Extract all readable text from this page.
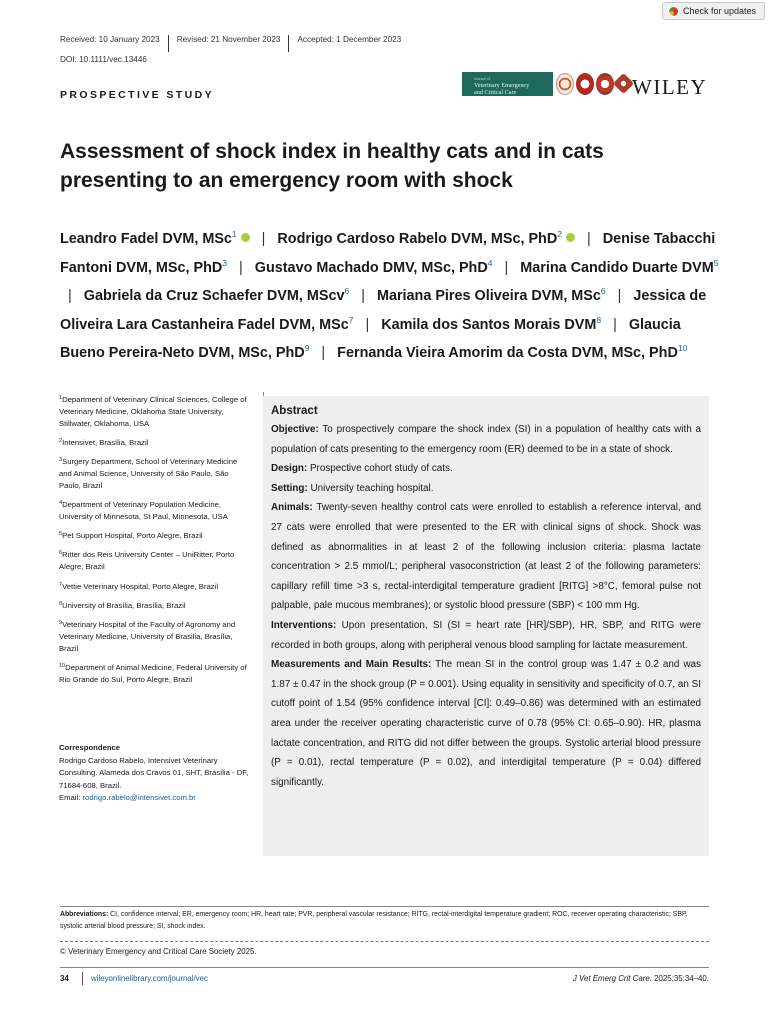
Check for updates
Received: 10 January 2023	Revised: 21 November 2023	Accepted: 1 December 2023
DOI: 10.1111/vec.13446
PROSPECTIVE STUDY
Journal of
Veterinary Emergency
and Critical Care	WILEY
Assessment of shock index in healthy cats and in cats presenting to an emergency room with shock
Leandro Fadel DVM, MSc$^1$ | Rodrigo Cardoso Rabelo DVM, MSc, PhD$^2$ | Denise Tabacchi Fantoni DVM, MSc, PhD$^3$ | Gustavo Machado DMV, MSc, PhD$^4$ | Marina Candido Duarte DVM$^5$ | Gabriela da Cruz Schaefer DVM, MScv$^6$ | Mariana Pires Oliveira DVM, MSc$^6$ | Jessica de Oliveira Lara Castanheira Fadel DVM, MSc$^7$ | Kamila dos Santos Morais DVM$^8$ | Glaucia Bueno Pereira-Neto DVM, MSc, PhD$^9$ | Fernanda Vieira Amorim da Costa DVM, MSc, PhD$^{10}$
$^1$Department of Veterinary Clinical Sciences, College of Veterinary Medicine, Oklahoma State University, Stillwater, Oklahoma, USA
$^2$Intensivet, Brasília, Brazil
$^3$Surgery Department, School of Veterinary Medicine and Animal Science, University of São Paulo, São Paulo, Brazil
$^4$Department of Veterinary Population Medicine, University of Minnesota, St Paul, Minnesota, USA
$^5$Pet Support Hospital, Porto Alegre, Brazil
$^6$Ritter dos Reis University Center – UniRitter, Porto Alegre, Brazil
$^7$Vettie Veterinary Hospital, Porto Alegre, Brazil
$^8$University of Brasília, Brasília, Brazil
$^9$Veterinary Hospital of the Faculty of Agronomy and Veterinary Medicine, University of Brasilia, Brasília, Brazil
$^{10}$Department of Animal Medicine, Federal University of Rio Grande do Sul, Porto Alegre, Brazil
Correspondence
Rodrigo Cardoso Rabelo, Intensivet Veterinary Consulting. Alameda dos Cravos 01, SHT, Brasília - DF, 71684-608, Brazil.
Email: rodrigo.rabelo@intensivet.com.br
Abstract

Objective: To prospectively compare the shock index (SI) in a population of healthy cats with a population of cats presenting to the emergency room (ER) deemed to be in a state of shock.

Design: Prospective cohort study of cats.

Setting: University teaching hospital.

Animals: Twenty-seven healthy control cats were enrolled to establish a reference interval, and 27 cats were enrolled that were presented to the ER with clinical signs of shock. Shock was defined as abnormalities in at least 2 of the following inclusion criteria: plasma lactate concentration > 2.5 mmol/L; peripheral vasoconstriction (at least 2 of the following parameters: capillary refill time >3 s, rectal-interdigital temperature gradient [RITG] >8°C, femoral pulse not palpable, pale mucous membranes); or systolic blood pressure (SBP) < 100 mm Hg.

Interventions: Upon presentation, SI (SI = heart rate [HR]/SBP), HR, SBP, and RITG were recorded in both groups, along with peripheral venous blood sampling for lactate measurement.

Measurements and Main Results: The mean SI in the control group was 1.47 ± 0.2 and was 1.87 ± 0.47 in the shock group (P = 0.001). Using equality in sensitivity and specificity of 0.7, an SI cutoff point of 1.54 (95% confidence interval [CI]: 0.49–0.86) was determined with an estimated area under the receiver operating characteristic curve of 0.78 (95% CI: 0.65–0.90). HR, plasma lactate concentration, and RITG did not differ between the groups. Systolic arterial blood pressure (P = 0.01), rectal temperature (P = 0.02), and interdigital temperature (P = 0.04) differed significantly.

Abbreviations: CI, confidence interval; ER, emergency room; HR, heart rate; PVR, peripheral vascular resistance; RITG, rectal-interdigital temperature gradient; ROC, receiver operating characteristic; SBP, systolic arterial blood pressure; SI, shock index.
© Veterinary Emergency and Critical Care Society 2025.
34	wileyonlinelibrary.com/journal/vec	J Vet Emerg Crit Care. 2025;35:34–40.
